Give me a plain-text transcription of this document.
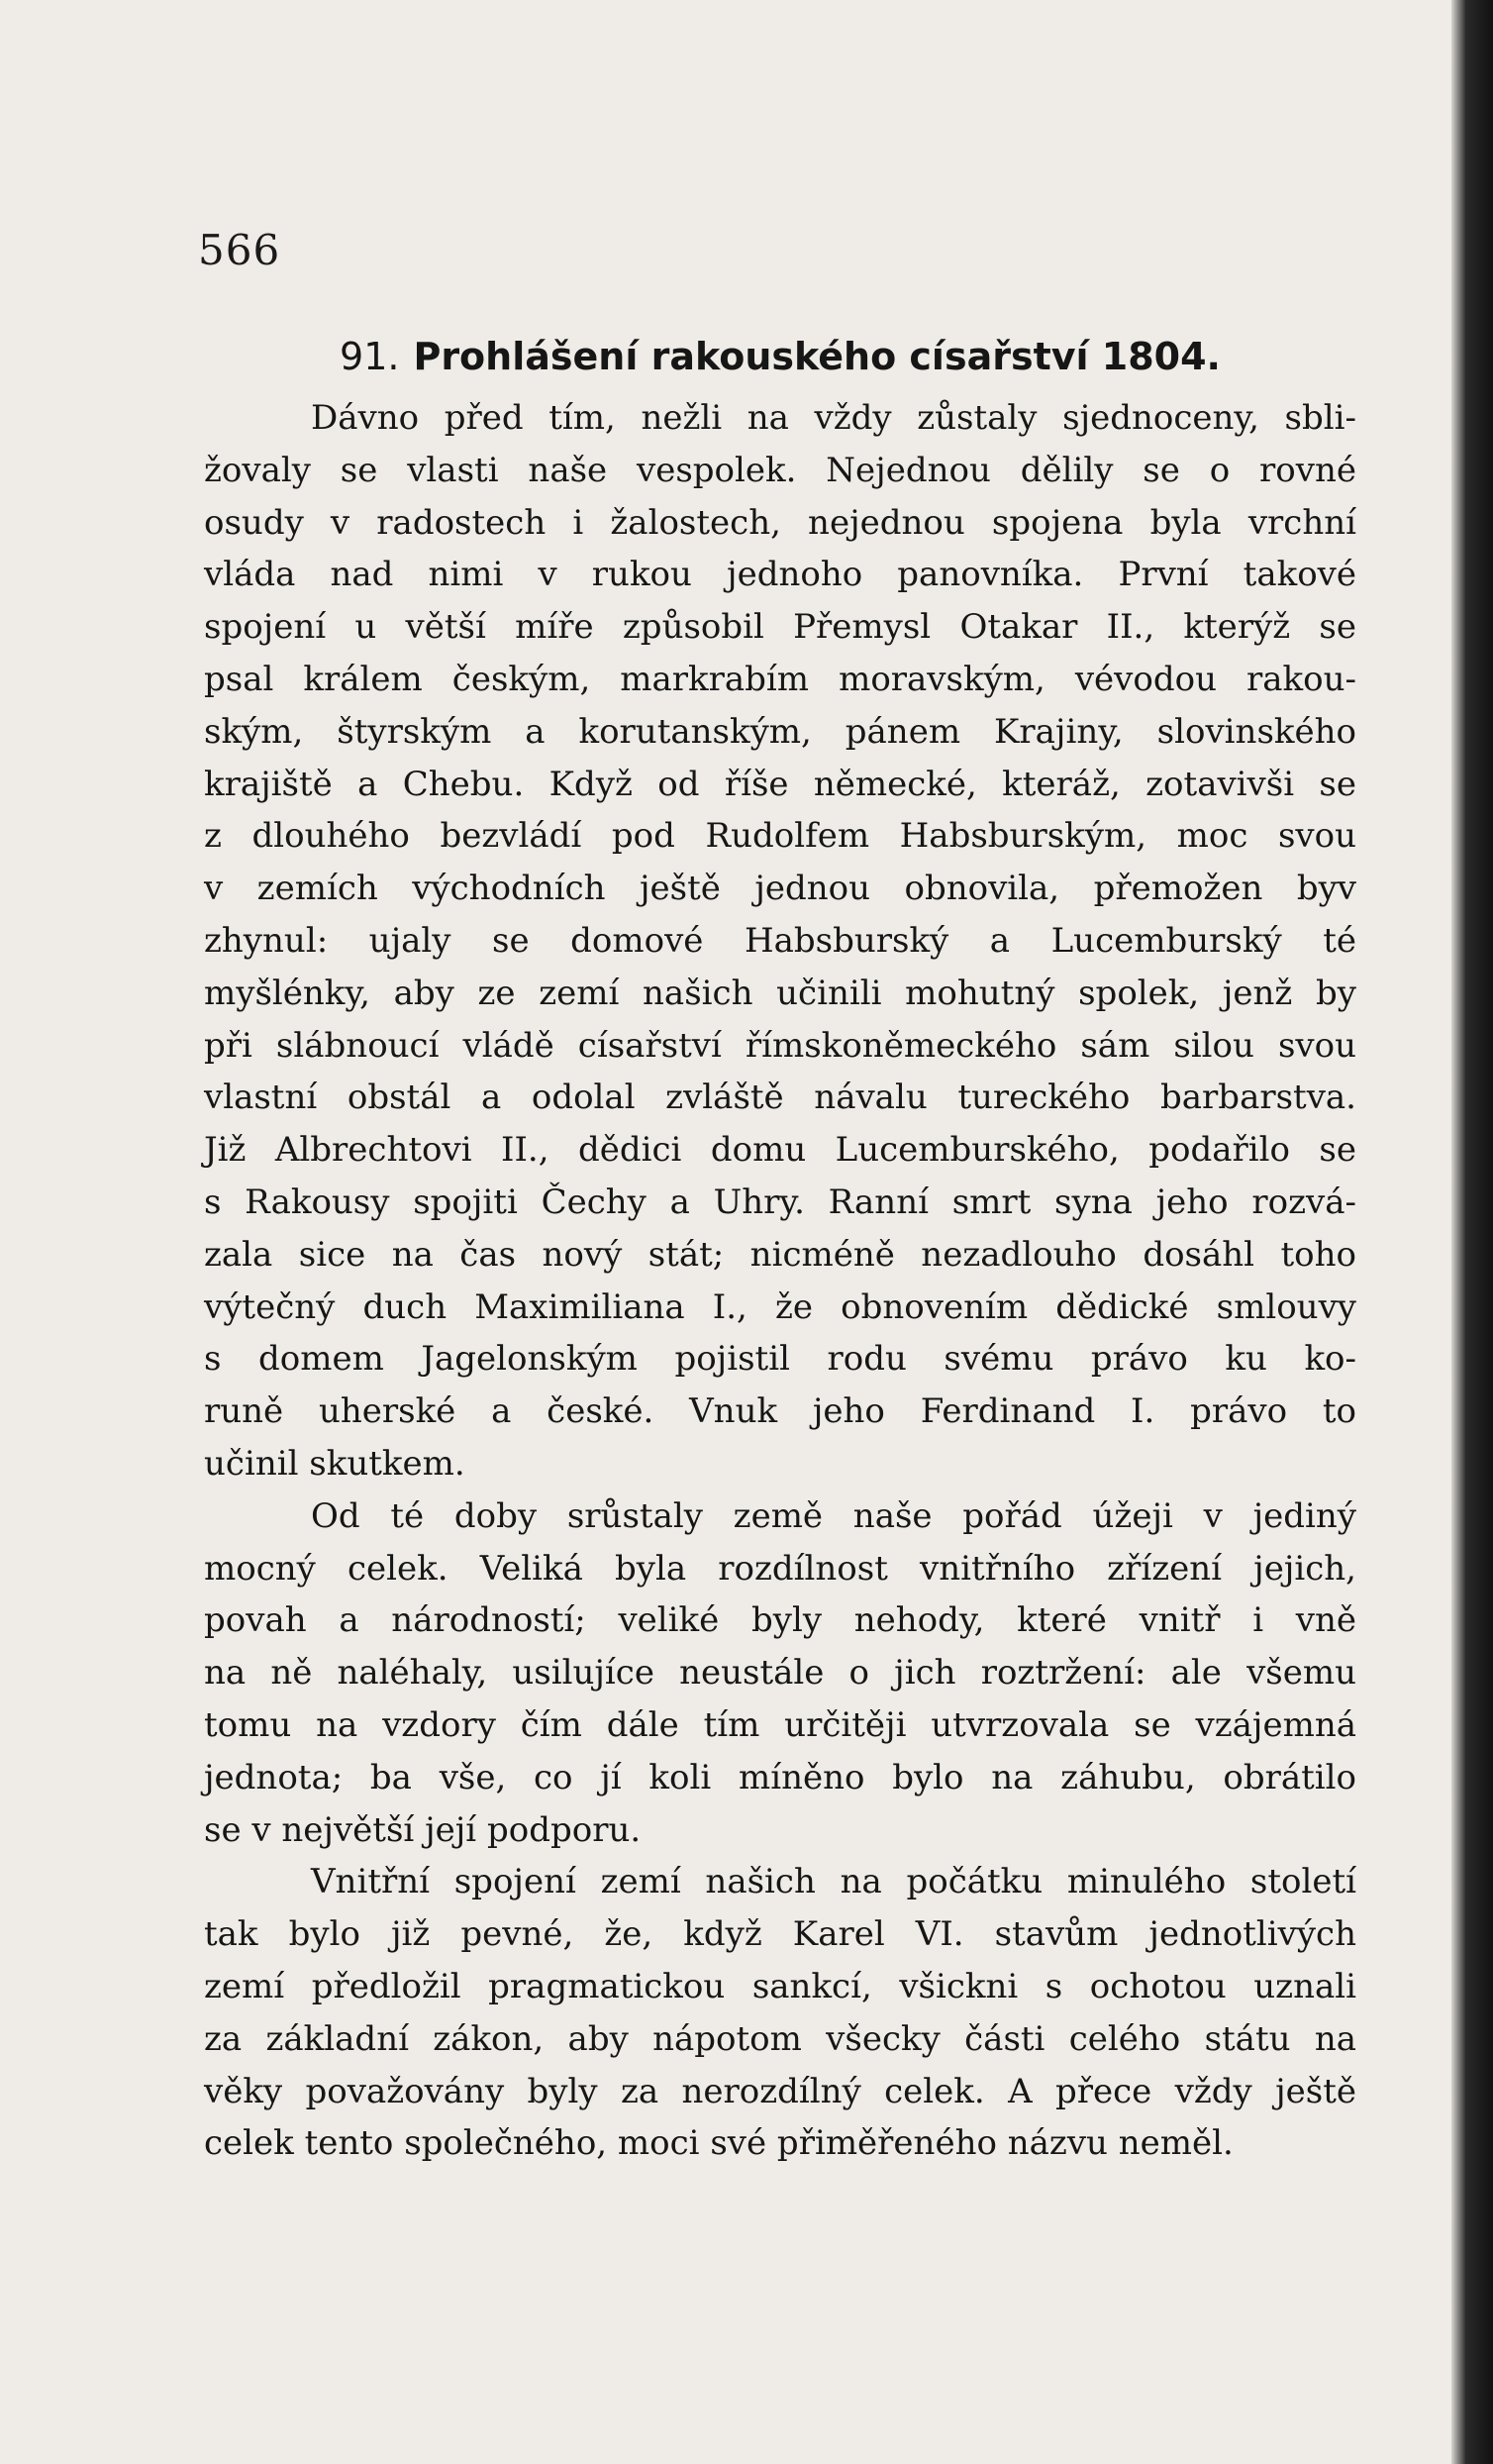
566
91. Prohlášení rakouského císařství 1804.
Dávno před tím, nežli na vždy zůstaly sjednoceny, sbli-
žovaly se vlasti naše vespolek. Nejednou dělily se o rovné
osudy v radostech i žalostech, nejednou spojena byla vrchní
vláda nad nimi v rukou jednoho panovníka. První takové
spojení u větší míře způsobil Přemysl Otakar II., kterýž se
psal králem českým, markrabím moravským, vévodou rakou-
ským, štyrským a korutanským, pánem Krajiny, slovinského
krajiště a Chebu. Když od říše německé, kteráž, zotavivši se
z dlouhého bezvládí pod Rudolfem Habsburským, moc svou
v zemích východních ještě jednou obnovila, přemožen byv
zhynul: ujaly se domové Habsburský a Lucemburský té
myšlénky, aby ze zemí našich učinili mohutný spolek, jenž by
při slábnoucí vládě císařství římskoněmeckého sám silou svou
vlastní obstál a odolal zvláště návalu tureckého barbarstva.
Již Albrechtovi II., dědici domu Lucemburského, podařilo se
s Rakousy spojiti Čechy a Uhry. Ranní smrt syna jeho rozvá-
zala sice na čas nový stát; nicméně nezadlouho dosáhl toho
výtečný duch Maximiliana I., že obnovením dědické smlouvy
s domem Jagelonským pojistil rodu svému právo ku ko-
runě uherské a české. Vnuk jeho Ferdinand I. právo to
učinil skutkem.
Od té doby srůstaly země naše pořád úžeji v jediný
mocný celek. Veliká byla rozdílnost vnitřního zřízení jejich,
povah a národností; veliké byly nehody, které vnitř i vně
na ně naléhaly, usilujíce neustále o jich roztržení: ale všemu
tomu na vzdory čím dále tím určitěji utvrzovala se vzájemná
jednota; ba vše, co jí koli míněno bylo na záhubu, obrátilo
se v největší její podporu.
Vnitřní spojení zemí našich na počátku minulého století
tak bylo již pevné, že, když Karel VI. stavům jednotlivých
zemí předložil pragmatickou sankcí, všickni s ochotou uznali
za základní zákon, aby nápotom všecky části celého státu na
věky považovány byly za nerozdílný celek. A přece vždy ještě
celek tento společného, moci své přiměřeného názvu neměl.
